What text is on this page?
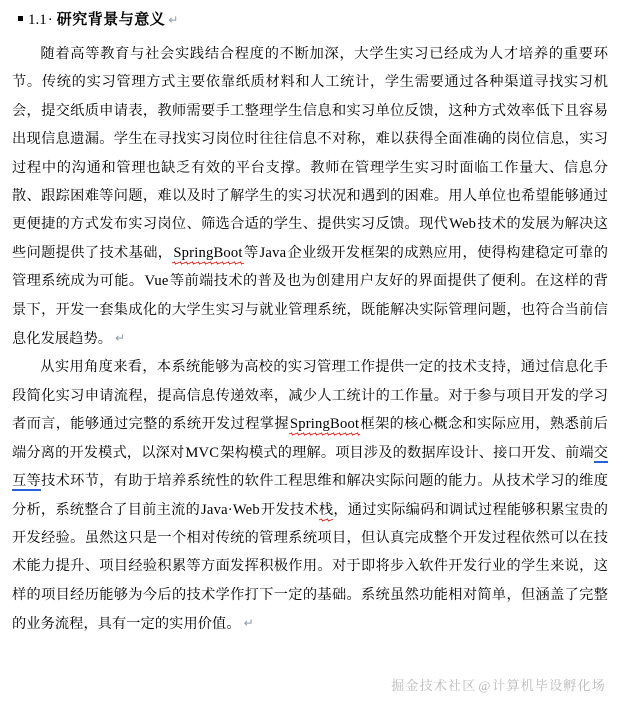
1.1 · 研究背景与意义 ↵

随着高等教育与社会实践结合程度的不断加深，大学生实习已经成为人才培养的重要环节。传统的实习管理方式主要依靠纸质材料和人工统计，学生需要通过各种渠道寻找实习机会，提交纸质申请表，教师需要手工整理学生信息和实习单位反馈，这种方式效率低下且容易出现信息遗漏。学生在寻找实习岗位时往往信息不对称，难以获得全面准确的岗位信息，实习过程中的沟通和管理也缺乏有效的平台支撑。教师在管理学生实习时面临工作量大、信息分散、跟踪困难等问题，难以及时了解学生的实习状况和遇到的困难。用人单位也希望能够通过更便捷的方式发布实习岗位、筛选合适的学生、提供实习反馈。现代Web技术的发展为解决这些问题提供了技术基础，SpringBoot等Java企业级开发框架的成熟应用，使得构建稳定可靠的管理系统成为可能。Vue等前端技术的普及也为创建用户友好的界面提供了便利。在这样的背景下，开发一套集成化的大学生实习与就业管理系统，既能解决实际管理问题，也符合当前信息化发展趋势。 ↵

从实用角度来看，本系统能够为高校的实习管理工作提供一定的技术支持，通过信息化手段简化实习申请流程，提高信息传递效率，减少人工统计的工作量。对于参与项目开发的学习者而言，能够通过完整的系统开发过程掌握SpringBoot框架的核心概念和实际应用，熟悉前后端分离的开发模式，以深对MVC架构模式的理解。项目涉及的数据库设计、接口开发、前端交互等技术环节，有助于培养系统性的软件工程思维和解决实际问题的能力。从技术学习的维度分析，系统整合了目前主流的Java·Web开发技术栈，通过实际编码和调试过程能够积累宝贵的开发经验。虽然这只是一个相对传统的管理系统项目，但认真完成整个开发过程依然可以在技术能力提升、项目经验积累等方面发挥积极作用。对于即将步入软件开发行业的学生来说，这样的项目经历能够为今后的技术学作打下一定的基础。系统虽然功能相对简单，但涵盖了完整的业务流程，具有一定的实用价值。 ↵

掘金技术社区 @ 计算机毕设孵化场
